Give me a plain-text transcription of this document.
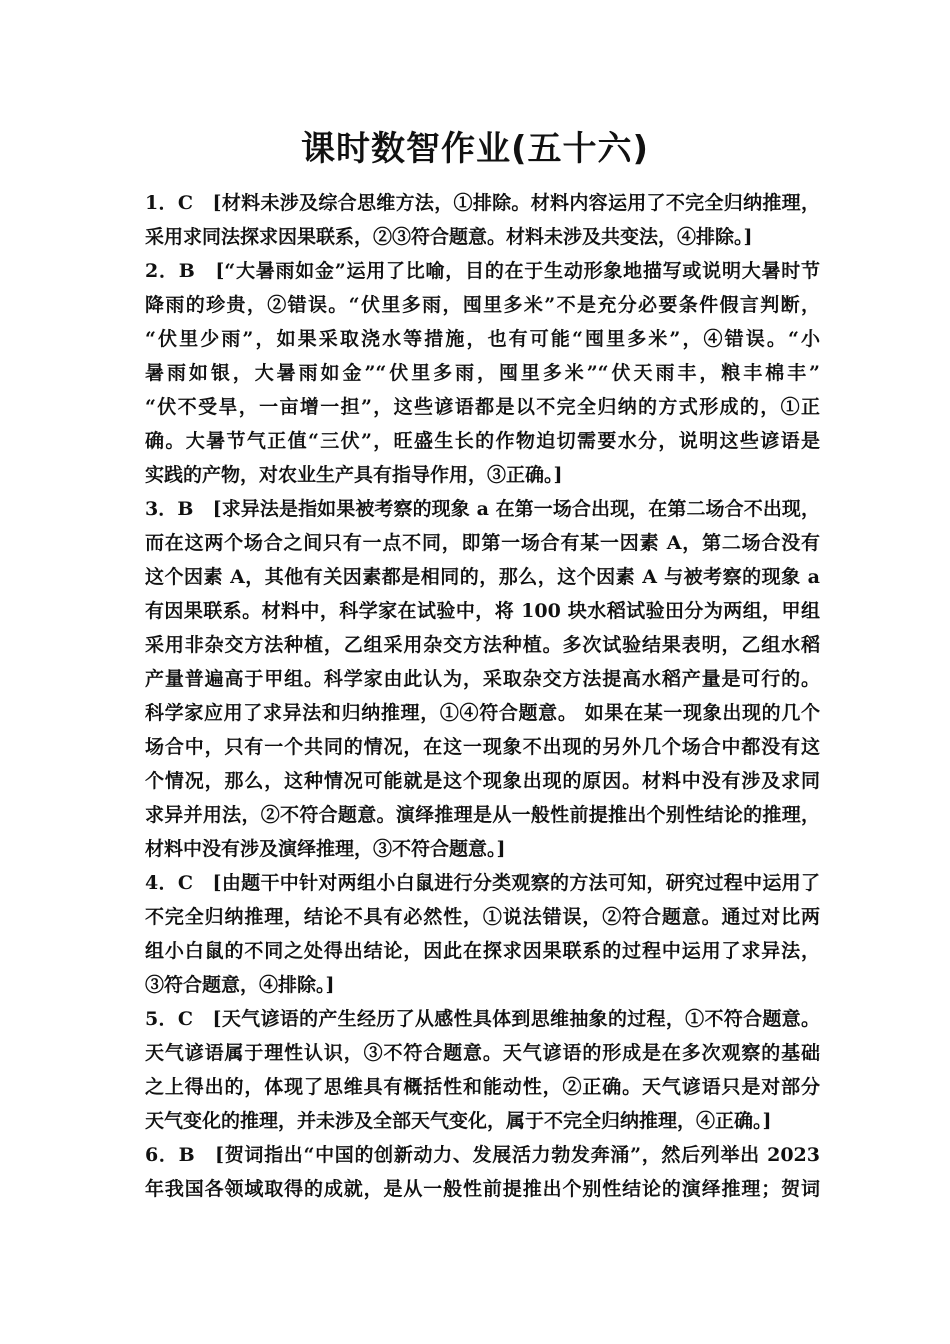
课时数智作业(五十六)
1．C　[材料未涉及综合思维方法，①排除。材料内容运用了不完全归纳推理，
采用求同法探求因果联系，②③符合题意。材料未涉及共变法，④排除。]
2．B　[“大暑雨如金”运用了比喻，目的在于生动形象地描写或说明大暑时节
降雨的珍贵，②错误。“伏里多雨，囤里多米”不是充分必要条件假言判断，
“伏里少雨”，如果采取浇水等措施，也有可能“囤里多米”，④错误。“小
暑雨如银，大暑雨如金”“伏里多雨，囤里多米”“伏天雨丰，粮丰棉丰”
“伏不受旱，一亩增一担”，这些谚语都是以不完全归纳的方式形成的，①正
确。大暑节气正值“三伏”，旺盛生长的作物迫切需要水分，说明这些谚语是
实践的产物，对农业生产具有指导作用，③正确。]
3．B　[求异法是指如果被考察的现象 a 在第一场合出现，在第二场合不出现，
而在这两个场合之间只有一点不同，即第一场合有某一因素 A，第二场合没有
这个因素 A，其他有关因素都是相同的，那么，这个因素 A 与被考察的现象 a
有因果联系。材料中，科学家在试验中，将 100 块水稻试验田分为两组，甲组
采用非杂交方法种植，乙组采用杂交方法种植。多次试验结果表明，乙组水稻
产量普遍高于甲组。科学家由此认为，采取杂交方法提高水稻产量是可行的。
科学家应用了求异法和归纳推理，①④符合题意。 如果在某一现象出现的几个
场合中，只有一个共同的情况，在这一现象不出现的另外几个场合中都没有这
个情况，那么，这种情况可能就是这个现象出现的原因。材料中没有涉及求同
求异并用法，②不符合题意。演绎推理是从一般性前提推出个别性结论的推理，
材料中没有涉及演绎推理，③不符合题意。]
4．C　[由题干中针对两组小白鼠进行分类观察的方法可知，研究过程中运用了
不完全归纳推理，结论不具有必然性，①说法错误，②符合题意。通过对比两
组小白鼠的不同之处得出结论，因此在探求因果联系的过程中运用了求异法，
③符合题意，④排除。]
5．C　[天气谚语的产生经历了从感性具体到思维抽象的过程，①不符合题意。
天气谚语属于理性认识，③不符合题意。天气谚语的形成是在多次观察的基础
之上得出的，体现了思维具有概括性和能动性，②正确。天气谚语只是对部分
天气变化的推理，并未涉及全部天气变化，属于不完全归纳推理，④正确。]
6．B　[贺词指出“中国的创新动力、发展活力勃发奔涌”，然后列举出 2023
年我国各领域取得的成就，是从一般性前提推出个别性结论的演绎推理；贺词
